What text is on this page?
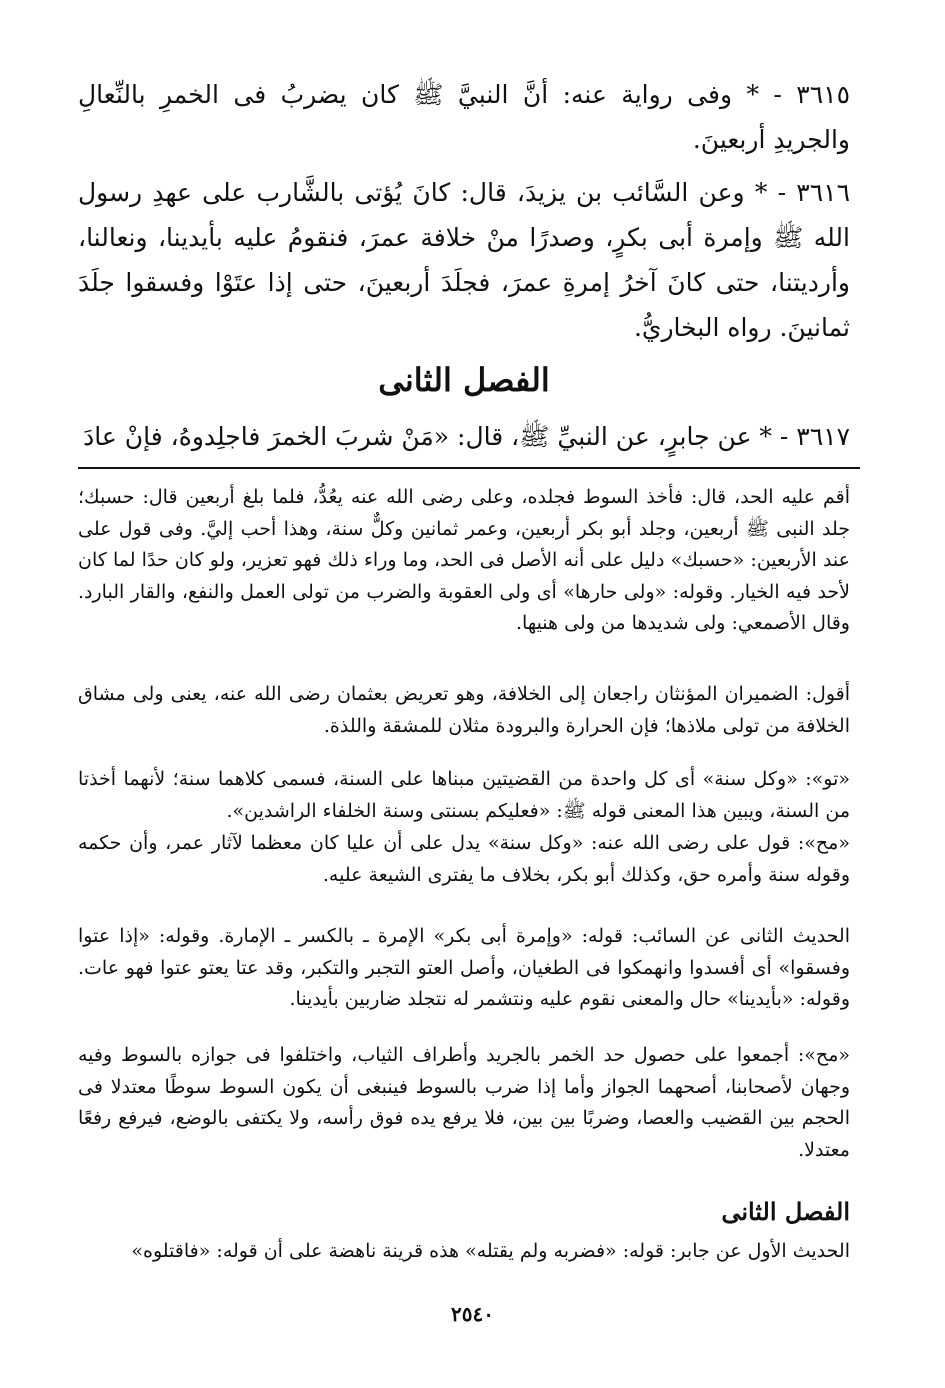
٣٦١٥ - * وفى رواية عنه: أنَّ النبيَّ ﷺ كان يضربُ فى الخمرِ بالنِّعالِ والجريدِ أربعينَ.

٣٦١٦ - * وعن السَّائب بن يزيدَ، قال: كانَ يُؤتى بالشَّارب على عهدِ رسول الله ﷺ وإمرة أبى بكرٍ، وصدرًا منْ خلافة عمرَ، فنقومُ عليه بأيدينا، ونعالنا، وأرديتنا، حتى كانَ آخرُ إمرةِ عمرَ، فجلَدَ أربعينَ، حتى إذا عتَوْا وفسقوا جلَدَ ثمانينَ. رواه البخاريُّ.

الفصل الثانى

٣٦١٧ - * عن جابرٍ، عن النبيِّ ﷺ، قال: «مَنْ شربَ الخمرَ فاجلِدوهُ، فإنْ عادَ

أقم عليه الحد، قال: فأخذ السوط فجلده، وعلى رضى الله عنه يعُدُّ، فلما بلغ أربعين قال: حسبك؛ جلد النبى ﷺ أربعين، وجلد أبو بكر أربعين، وعمر ثمانين وكلٌّ سنة، وهذا أحب إليَّ. وفى قول على عند الأربعين: «حسبك» دليل على أنه الأصل فى الحد، وما وراء ذلك فهو تعزير، ولو كان حدًا لما كان لأحد فيه الخيار. وقوله: «ولى حارها» أى ولى العقوبة والضرب من تولى العمل والنفع، والقار البارد. وقال الأصمعي: ولى شديدها من ولى هنيها.

أقول: الضميران المؤنثان راجعان إلى الخلافة، وهو تعريض بعثمان رضى الله عنه، يعنى ولى مشاق الخلافة من تولى ملاذها؛ فإن الحرارة والبرودة مثلان للمشقة واللذة.

«تو»: «وكل سنة» أى كل واحدة من القضيتين مبناها على السنة، فسمى كلاهما سنة؛ لأنهما أخذتا من السنة، ويبين هذا المعنى قوله ﷺ: «فعليكم بسنتى وسنة الخلفاء الراشدين».

«مح»: قول على رضى الله عنه: «وكل سنة» يدل على أن عليا كان معظما لآثار عمر، وأن حكمه وقوله سنة وأمره حق، وكذلك أبو بكر، بخلاف ما يفترى الشيعة عليه.

الحديث الثانى عن السائب: قوله: «وإمرة أبى بكر» الإمرة ـ بالكسر ـ الإمارة. وقوله: «إذا عتوا وفسقوا» أى أفسدوا وانهمكوا فى الطغيان، وأصل العتو التجبر والتكبر، وقد عتا يعتو عتوا فهو عات. وقوله: «بأيدينا» حال والمعنى نقوم عليه ونتشمر له نتجلد ضاربين بأيدينا.

«مح»: أجمعوا على حصول حد الخمر بالجريد وأطراف الثياب، واختلفوا فى جوازه بالسوط وفيه وجهان لأصحابنا، أصحهما الجواز وأما إذا ضرب بالسوط فينبغى أن يكون السوط سوطًا معتدلا فى الحجم بين القضيب والعصا، وضربًا بين بين، فلا يرفع يده فوق رأسه، ولا يكتفى بالوضع، فيرفع رفعًا معتدلا.

الفصل الثانى

الحديث الأول عن جابر: قوله: «فضربه ولم يقتله» هذه قرينة ناهضة على أن قوله: «فاقتلوه»

٢٥٤٠
